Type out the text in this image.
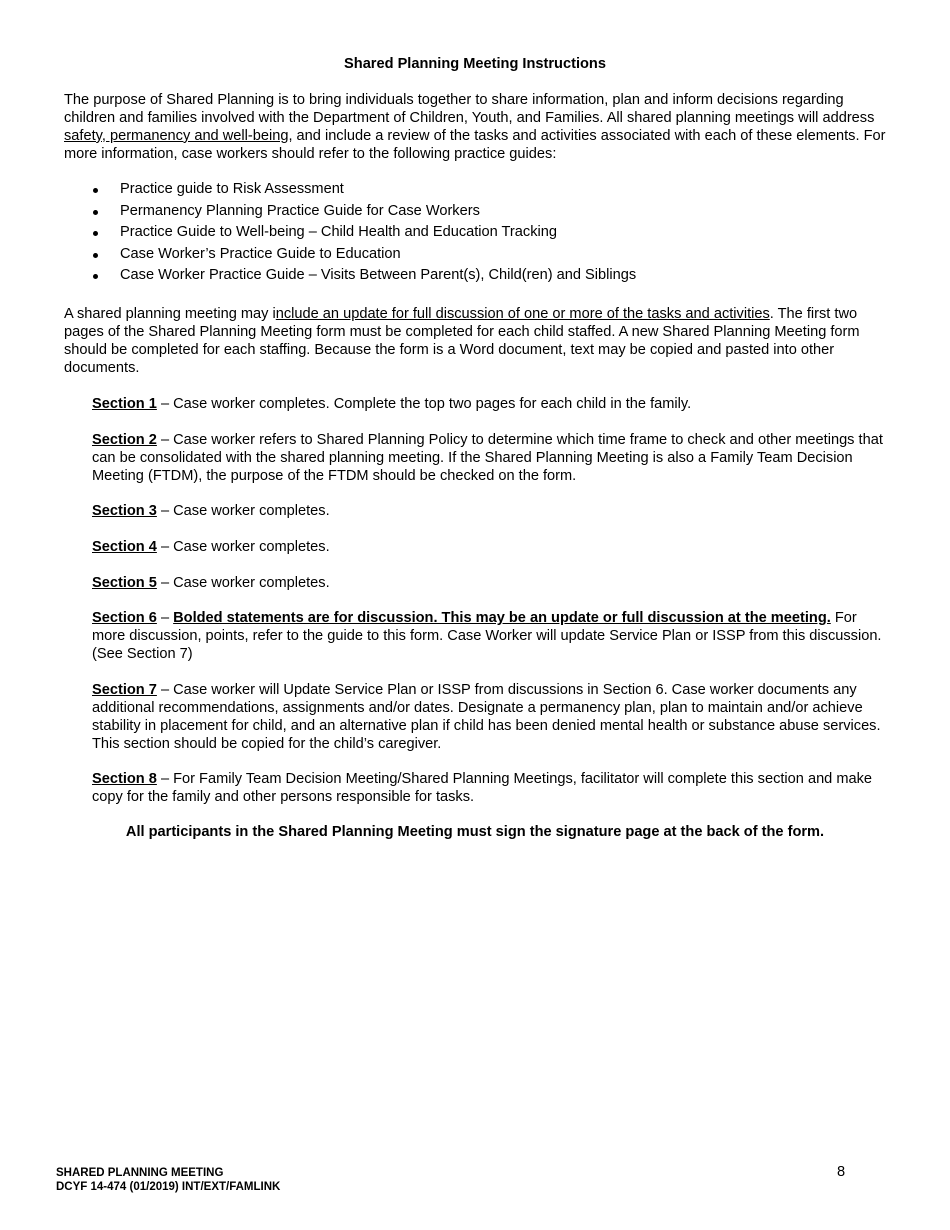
Shared Planning Meeting Instructions

The purpose of Shared Planning is to bring individuals together to share information, plan and inform decisions regarding children and families involved with the Department of Children, Youth, and Families. All shared planning meetings will address safety, permanency and well-being, and include a review of the tasks and activities associated with each of these elements. For more information, case workers should refer to the following practice guides:

Practice guide to Risk Assessment
Permanency Planning Practice Guide for Case Workers
Practice Guide to Well-being – Child Health and Education Tracking
Case Worker’s Practice Guide to Education
Case Worker Practice Guide – Visits Between Parent(s), Child(ren) and Siblings

A shared planning meeting may include an update for full discussion of one or more of the tasks and activities. The first two pages of the Shared Planning Meeting form must be completed for each child staffed. A new Shared Planning Meeting form should be completed for each staffing. Because the form is a Word document, text may be copied and pasted into other documents.

Section 1 – Case worker completes. Complete the top two pages for each child in the family.

Section 2 – Case worker refers to Shared Planning Policy to determine which time frame to check and other meetings that can be consolidated with the shared planning meeting. If the Shared Planning Meeting is also a Family Team Decision Meeting (FTDM), the purpose of the FTDM should be checked on the form.

Section 3 – Case worker completes.

Section 4 – Case worker completes.

Section 5 – Case worker completes.

Section 6 – Bolded statements are for discussion. This may be an update or full discussion at the meeting. For more discussion, points, refer to the guide to this form. Case Worker will update Service Plan or ISSP from this discussion. (See Section 7)

Section 7 – Case worker will Update Service Plan or ISSP from discussions in Section 6. Case worker documents any additional recommendations, assignments and/or dates. Designate a permanency plan, plan to maintain and/or achieve stability in placement for child, and an alternative plan if child has been denied mental health or substance abuse services. This section should be copied for the child’s caregiver.

Section 8 – For Family Team Decision Meeting/Shared Planning Meetings, facilitator will complete this section and make copy for the family and other persons responsible for tasks.

All participants in the Shared Planning Meeting must sign the signature page at the back of the form.
SHARED PLANNING MEETING
DCYF 14-474 (01/2019) INT/EXT/FAMLINK
8
